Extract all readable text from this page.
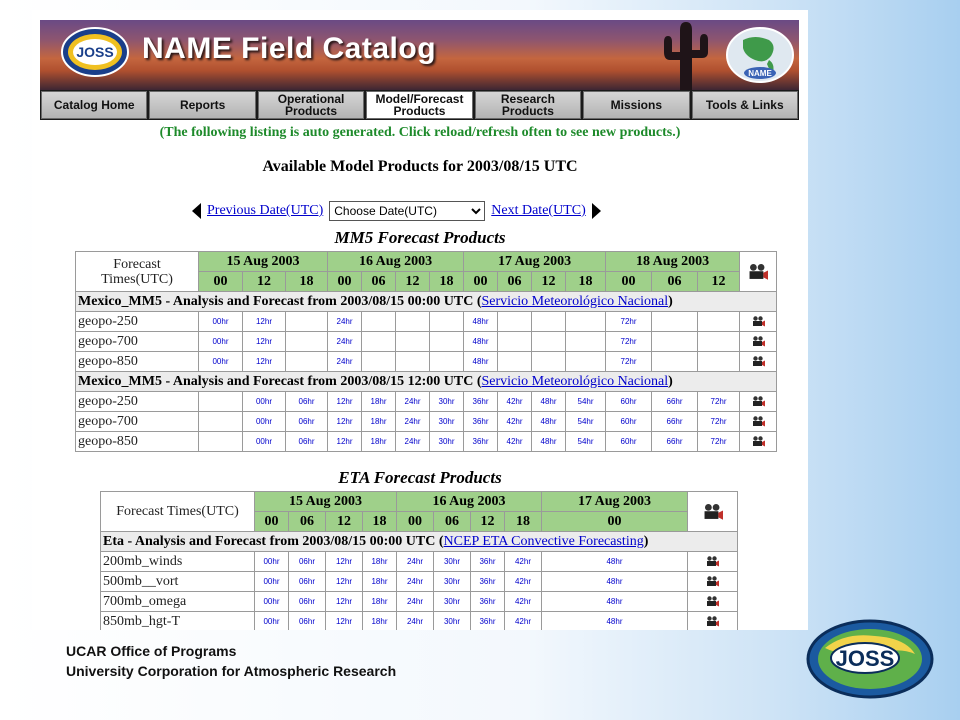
JOSS NAME Field Catalog
NAME
Catalog Home	Reports	Operational
Products
Model/Forecast
Products
Research
Products	Missions	Tools & Links
(The following listing is auto generated. Click reload/refresh often to see new products.)
Available Model Products for 2003/08/15 UTC
Previous Date(UTC)
Choose Date(UTC)	Next Date(UTC)
MM5 Forecast Products
Forecast Times(UTC)	15 Aug 2003			16 Aug 2003				17 Aug 2003				18 Aug 2003	
	00	12	18	00	06	12	18	00	06	12	18	00	06	12	
Mexico_MM5 - Analysis and Forecast from 2003/08/15 00:00 UTC (Servicio Meteorológico Nacional)															
geopo-250	00hr	12hr		24hr				48hr				72hr			
geopo-700	00hr	12hr		24hr				48hr				72hr			
geopo-850	00hr	12hr		24hr				48hr				72hr			
Mexico_MM5 - Analysis and Forecast from 2003/08/15 12:00 UTC (Servicio Meteorológico Nacional)															
geopo-250		00hr	06hr	12hr	18hr	24hr	30hr	36hr	42hr	48hr	54hr	60hr	66hr	72hr	
geopo-700		00hr	06hr	12hr	18hr	24hr	30hr	36hr	42hr	48hr	54hr	60hr	66hr	72hr	
geopo-850		00hr	06hr	12hr	18hr	24hr	30hr	36hr	42hr	48hr	54hr	60hr	66hr	72hr	
ETA Forecast Products
Forecast Times(UTC)	15 Aug 2003				16 Aug 2003				17 Aug 2003	
	00	06	12	18	00	06	12	18	00	
Eta - Analysis and Forecast from 2003/08/15 00:00 UTC (NCEP ETA Convective Forecasting)										
200mb_winds	00hr	06hr	12hr	18hr	24hr	30hr	36hr	42hr	48hr	
500mb__vort	00hr	06hr	12hr	18hr	24hr	30hr	36hr	42hr	48hr	
700mb_omega	00hr	06hr	12hr	18hr	24hr	30hr	36hr	42hr	48hr	
850mb_hgt-T	00hr	06hr	12hr	18hr	24hr	30hr	36hr	42hr	48hr	
UCAR Office of Programs
University Corporation for Atmospheric Research	JOSS
